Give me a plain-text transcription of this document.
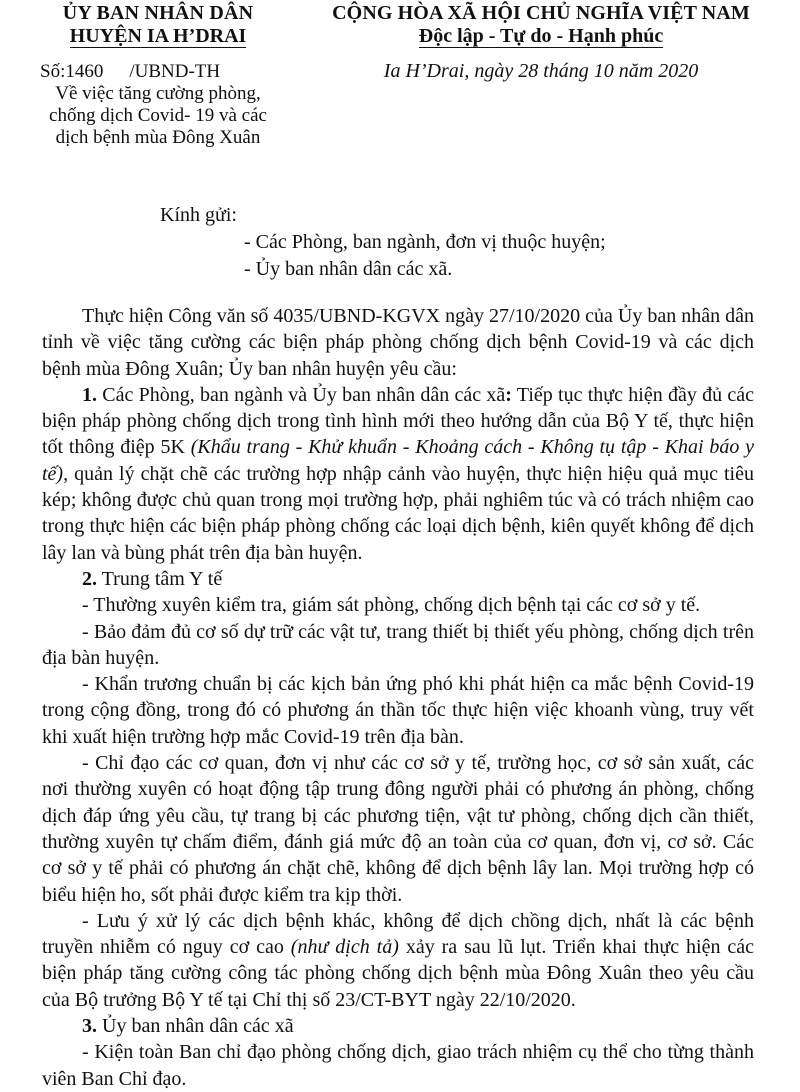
ỦY BAN NHÂN DÂN
HUYỆN IA H’DRAI
Số:1460 /UBND-TH
Về việc tăng cường phòng,
chống dịch Covid- 19 và các
dịch bệnh mùa Đông Xuân
CỘNG HÒA XÃ HỘI CHỦ NGHĨA VIỆT NAM
Độc lập - Tự do - Hạnh phúc
Ia H’Drai, ngày 28 tháng 10 năm 2020
Kính gửi:
- Các Phòng, ban ngành, đơn vị thuộc huyện;
- Ủy ban nhân dân các xã.

Thực hiện Công văn số 4035/UBND-KGVX ngày 27/10/2020 của Ủy ban nhân dân tỉnh về việc tăng cường các biện pháp phòng chống dịch bệnh Covid-19 và các dịch bệnh mùa Đông Xuân; Ủy ban nhân huyện yêu cầu:

1. Các Phòng, ban ngành và Ủy ban nhân dân các xã: Tiếp tục thực hiện đầy đủ các biện pháp phòng chống dịch trong tình hình mới theo hướng dẫn của Bộ Y tế, thực hiện tốt thông điệp 5K (Khẩu trang - Khử khuẩn - Khoảng cách - Không tụ tập - Khai báo y tế), quản lý chặt chẽ các trường hợp nhập cảnh vào huyện, thực hiện hiệu quả mục tiêu kép; không được chủ quan trong mọi trường hợp, phải nghiêm túc và có trách nhiệm cao trong thực hiện các biện pháp phòng chống các loại dịch bệnh, kiên quyết không để dịch lây lan và bùng phát trên địa bàn huyện.

2. Trung tâm Y tế

- Thường xuyên kiểm tra, giám sát phòng, chống dịch bệnh tại các cơ sở y tế.

- Bảo đảm đủ cơ số dự trữ các vật tư, trang thiết bị thiết yếu phòng, chống dịch trên địa bàn huyện.

- Khẩn trương chuẩn bị các kịch bản ứng phó khi phát hiện ca mắc bệnh Covid-19 trong cộng đồng, trong đó có phương án thần tốc thực hiện việc khoanh vùng, truy vết khi xuất hiện trường hợp mắc Covid-19 trên địa bàn.

- Chỉ đạo các cơ quan, đơn vị như các cơ sở y tế, trường học, cơ sở sản xuất, các nơi thường xuyên có hoạt động tập trung đông người phải có phương án phòng, chống dịch đáp ứng yêu cầu, tự trang bị các phương tiện, vật tư phòng, chống dịch cần thiết, thường xuyên tự chấm điểm, đánh giá mức độ an toàn của cơ quan, đơn vị, cơ sở. Các cơ sở y tế phải có phương án chặt chẽ, không để dịch bệnh lây lan. Mọi trường hợp có biểu hiện ho, sốt phải được kiểm tra kịp thời.

- Lưu ý xử lý các dịch bệnh khác, không để dịch chồng dịch, nhất là các bệnh truyền nhiễm có nguy cơ cao (như dịch tả) xảy ra sau lũ lụt. Triển khai thực hiện các biện pháp tăng cường công tác phòng chống dịch bệnh mùa Đông Xuân theo yêu cầu của Bộ trưởng Bộ Y tế tại Chỉ thị số 23/CT-BYT ngày 22/10/2020.

3. Ủy ban nhân dân các xã

- Kiện toàn Ban chỉ đạo phòng chống dịch, giao trách nhiệm cụ thể cho từng thành viên Ban Chỉ đạo.
